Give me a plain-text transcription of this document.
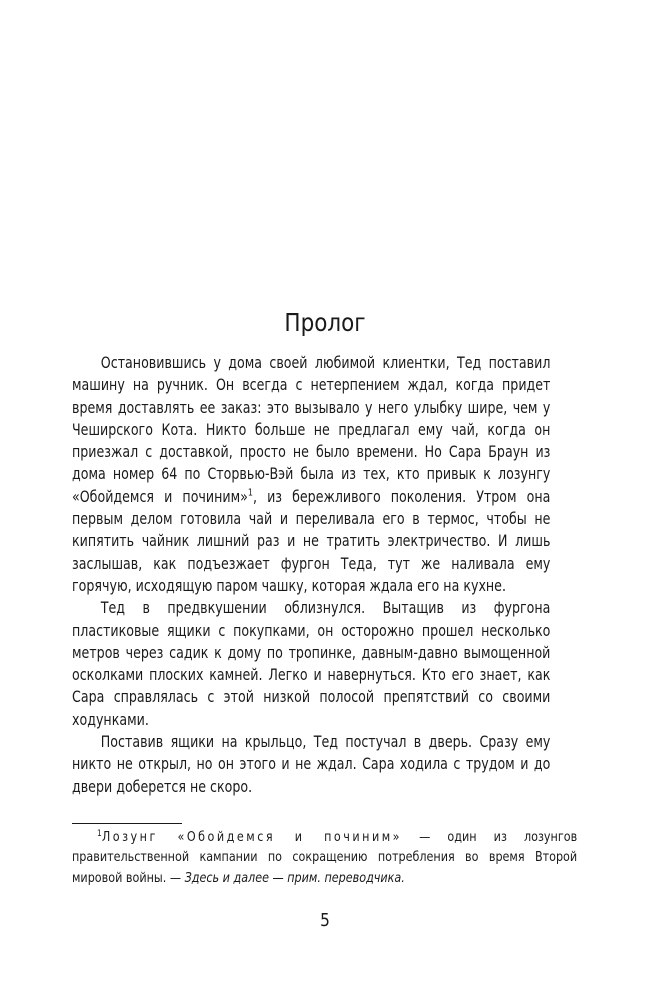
Пролог

Остановившись у дома своей любимой клиентки, Тед поставил машину на ручник. Он всегда с нетерпением ждал, когда придет время доставлять ее заказ: это вызывало у него улыбку шире, чем у Чеширского Кота. Никто больше не предлагал ему чай, когда он приезжал с доставкой, просто не было времени. Но Сара Браун из дома номер 64 по Сторвью-Вэй была из тех, кто привык к лозунгу «Обойдемся и починим»$^1$, из бережливого поколения. Утром она первым делом готовила чай и переливала его в термос, чтобы не кипятить чайник лишний раз и не тратить электричество. И лишь заслышав, как подъезжает фургон Теда, тут же наливала ему горячую, исходящую паром чашку, которая ждала его на кухне.

Тед в предвкушении облизнулся. Вытащив из фургона пластиковые ящики с покупками, он осторожно прошел несколько метров через садик к дому по тропинке, давным-давно вымощенной осколками плоских камней. Легко и навернуться. Кто его знает, как Сара справлялась с этой низкой полосой препятствий со своими ходунками.

Поставив ящики на крыльцо, Тед постучал в дверь. Сразу ему никто не открыл, но он этого и не ждал. Сара ходила с трудом и до двери доберется не скоро.

$^1$Лозунг «Обойдемся и починим» — один из лозунгов правительственной кампании по сокращению потребления во время Второй мировой войны. — Здесь и далее — прим. переводчика.
5
